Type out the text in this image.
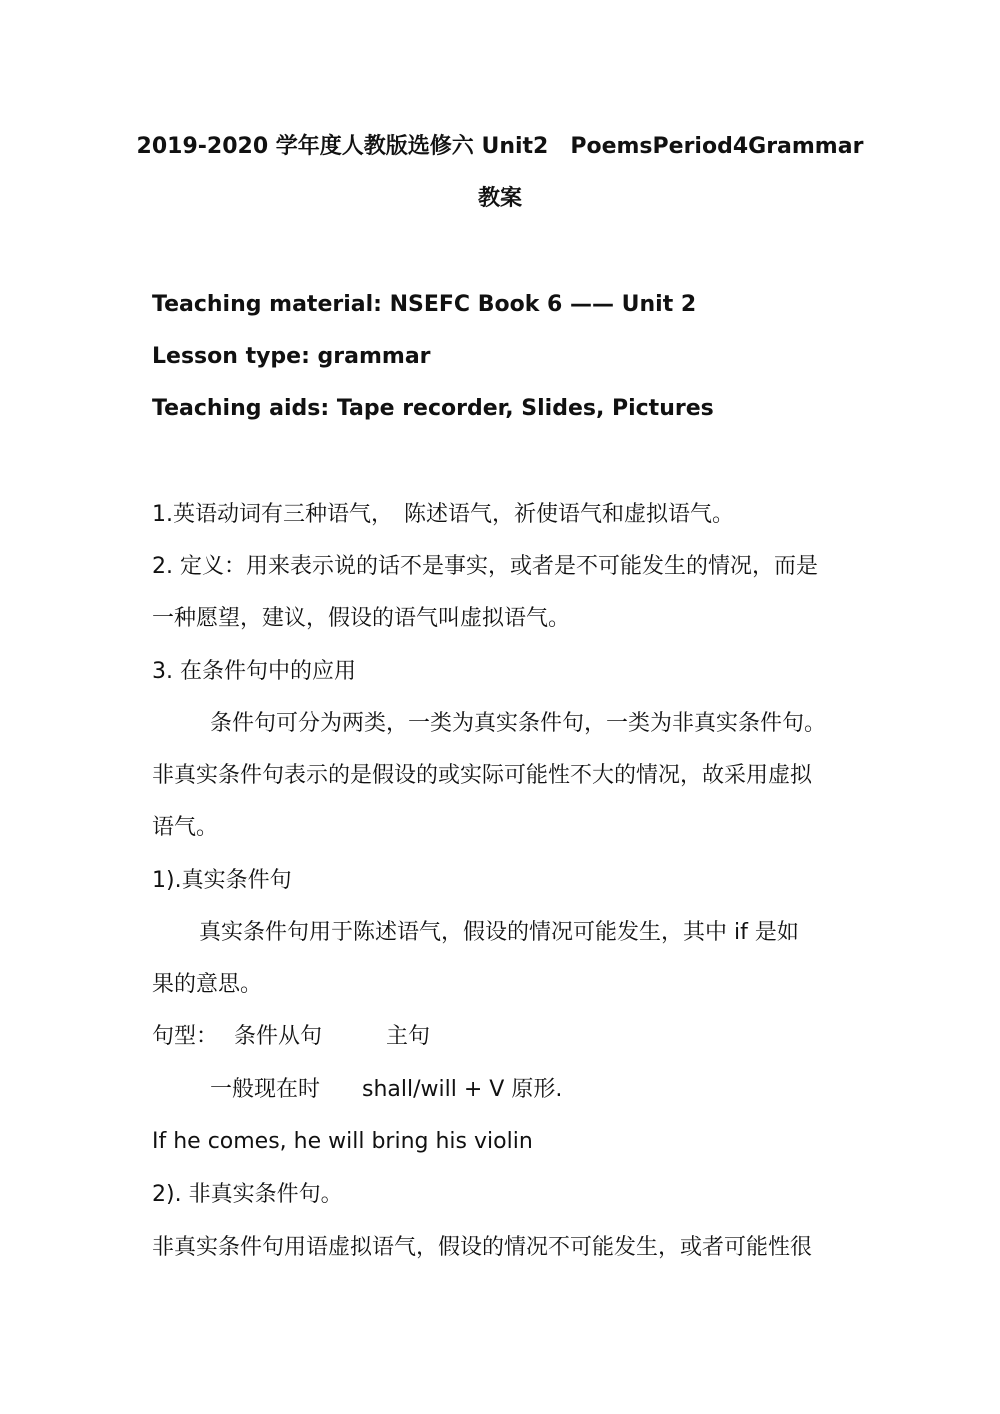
2019-2020 学年度人教版选修六 Unit2　PoemsPeriod4Grammar
教案
Teaching material: NSEFC Book 6 —— Unit 2
Lesson type: grammar
Teaching aids: Tape recorder, Slides, Pictures
1.英语动词有三种语气，　陈述语气，祈使语气和虚拟语气。
2. 定义：用来表示说的话不是事实，或者是不可能发生的情况，而是
一种愿望，建议，假设的语气叫虚拟语气。
3. 在条件句中的应用
条件句可分为两类，一类为真实条件句，一类为非真实条件句。
非真实条件句表示的是假设的或实际可能性不大的情况，故采用虚拟
语气。
1).真实条件句
真实条件句用于陈述语气，假设的情况可能发生，其中 if 是如
果的意思。
句型： 条件从句	主句
一般现在时 shall/will + V 原形.
If he comes, he will bring his violin
2). 非真实条件句。
非真实条件句用语虚拟语气，假设的情况不可能发生，或者可能性很
